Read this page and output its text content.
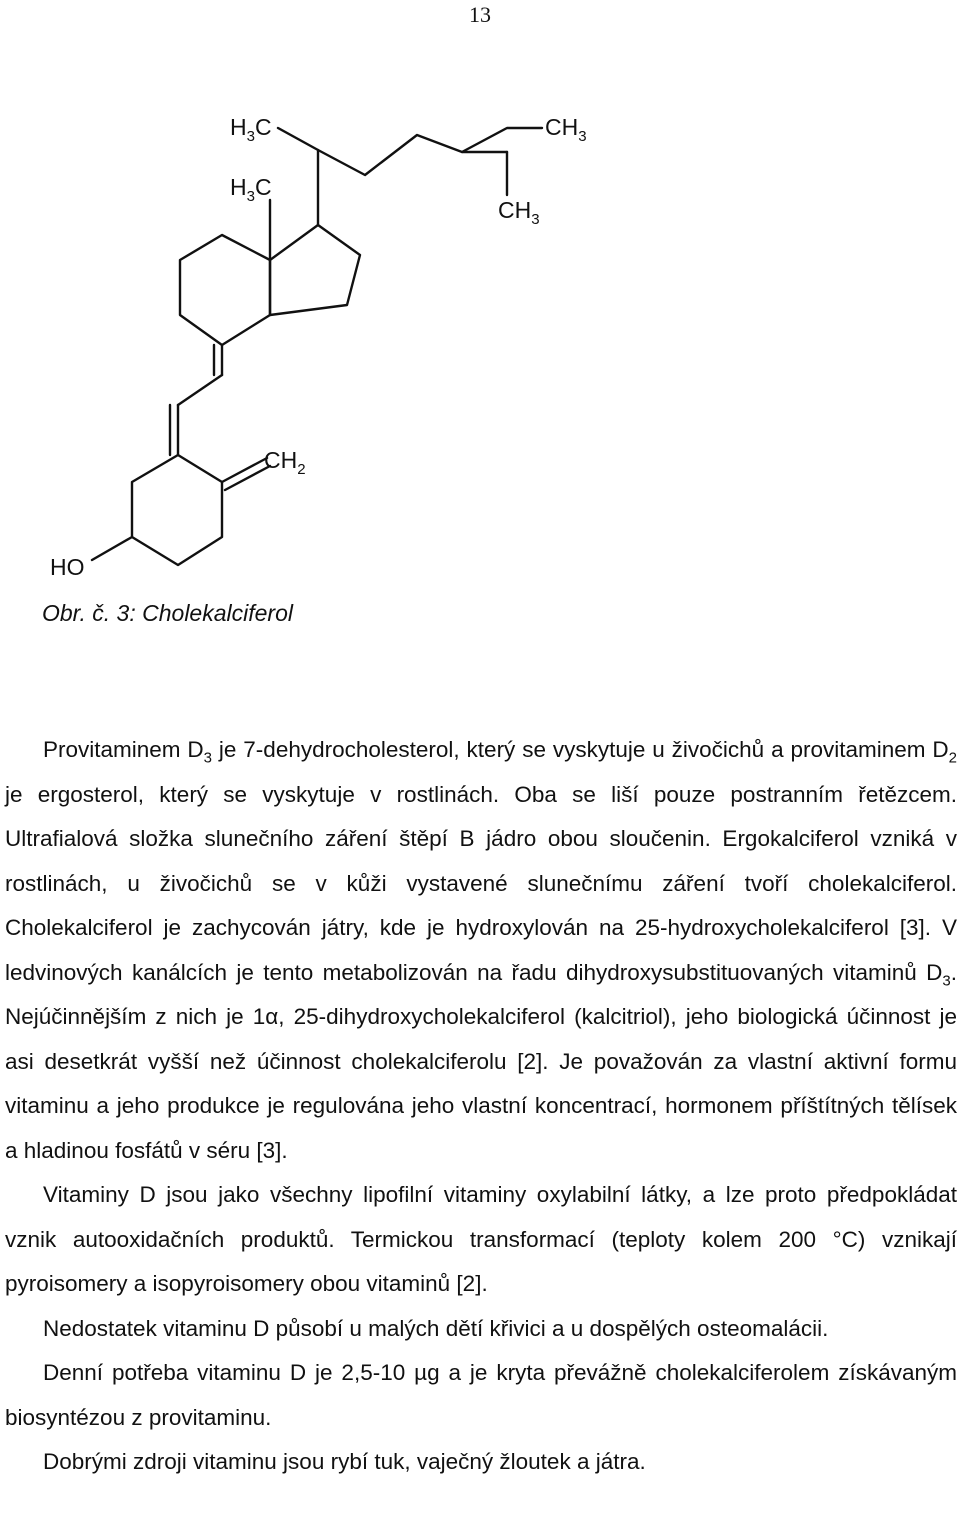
13
$H_3C$	$CH_3$
$H_3C$
$CH_3$
$CH_2$
HO
Obr. č. 3: Cholekalciferol

Provitaminem $D_3$ je 7-dehydrocholesterol, který se vyskytuje u živočichů a provitaminem $D_2$ je ergosterol, který se vyskytuje v rostlinách. Oba se liší pouze postranním řetězcem. Ultrafialová složka slunečního záření štěpí B jádro obou sloučenin. Ergokalciferol vzniká v rostlinách, u živočichů se v kůži vystavené slunečnímu záření tvoří cholekalciferol. Cholekalciferol je zachycován játry, kde je hydroxylován na 25-hydroxycholekalciferol [3]. V ledvinových kanálcích je tento metabolizován na řadu dihydroxysubstituovaných vitaminů $D_3$. Nejúčinnějším z nich je 1α, 25-dihydroxycholekalciferol (kalcitriol), jeho biologická účinnost je asi desetkrát vyšší než účinnost cholekalciferolu [2]. Je považován za vlastní aktivní formu vitaminu a jeho produkce je regulována jeho vlastní koncentrací, hormonem příštítných tělísek a hladinou fosfátů v séru [3].

Vitaminy D jsou jako všechny lipofilní vitaminy oxylabilní látky, a lze proto předpokládat vznik autooxidačních produktů. Termickou transformací (teploty kolem 200 °C) vznikají pyroisomery a isopyroisomery obou vitaminů [2].

Nedostatek vitaminu D působí u malých dětí křivici a u dospělých osteomalácii.

Denní potřeba vitaminu D je 2,5-10 µg a je kryta převážně cholekalciferolem získávaným biosyntézou z provitaminu.

Dobrými zdroji vitaminu jsou rybí tuk, vaječný žloutek a játra.
